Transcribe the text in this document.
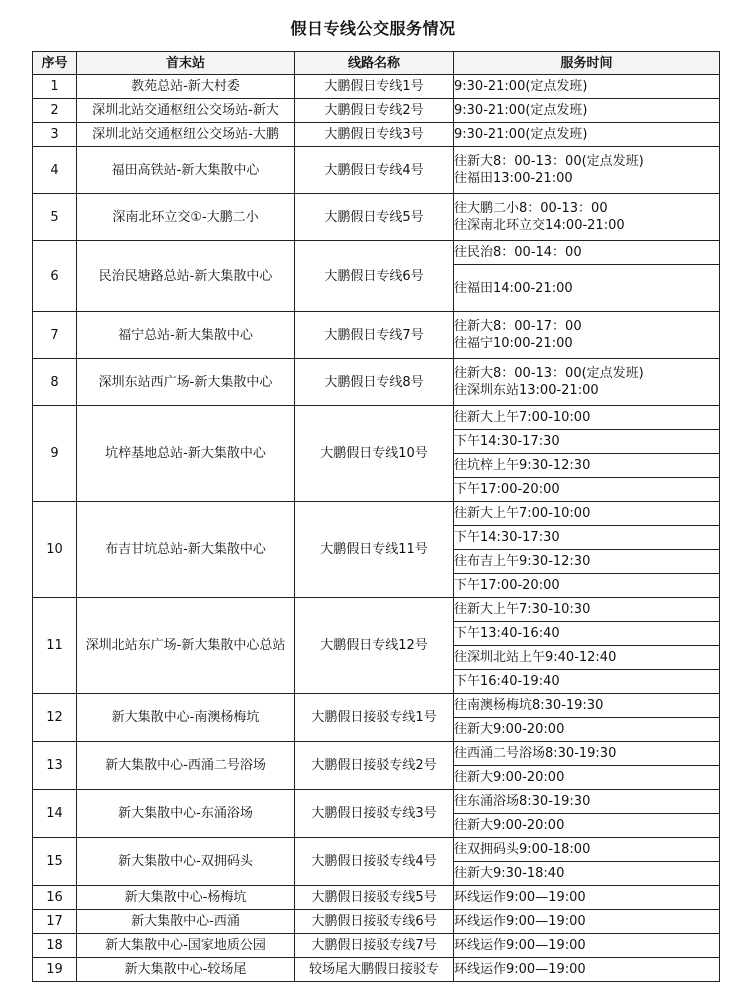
假日专线公交服务情况
序号	首末站	线路名称	服务时间
1	教苑总站-新大村委	大鹏假日专线1号	9:30-21:00(定点发班)
2	深圳北站交通枢纽公交场站-新大	大鹏假日专线2号	9:30-21:00(定点发班)
3	深圳北站交通枢纽公交场站-大鹏	大鹏假日专线3号	9:30-21:00(定点发班)
4	福田高铁站-新大集散中心	大鹏假日专线4号	往新大8：00-13：00(定点发班)
往福田13:00-21:00
5	深南北环立交①-大鹏二小	大鹏假日专线5号	往大鹏二小8：00-13：00
往深南北环立交14:00-21:00
6	民治民塘路总站-新大集散中心	大鹏假日专线6号	往民治8：00-14：00
			往福田14:00-21:00
7	福宁总站-新大集散中心	大鹏假日专线7号	往新大8：00-17：00
往福宁10:00-21:00
8	深圳东站西广场-新大集散中心	大鹏假日专线8号	往新大8：00-13：00(定点发班)
往深圳东站13:00-21:00
9	坑梓基地总站-新大集散中心	大鹏假日专线10号	往新大上午7:00-10:00
			下午14:30-17:30
			往坑梓上午9:30-12:30
			下午17:00-20:00
10	布吉甘坑总站-新大集散中心	大鹏假日专线11号	往新大上午7:00-10:00
			下午14:30-17:30
			往布吉上午9:30-12:30
			下午17:00-20:00
11	深圳北站东广场-新大集散中心总站	大鹏假日专线12号	往新大上午7:30-10:30
			下午13:40-16:40
			往深圳北站上午9:40-12:40
			下午16:40-19:40
12	新大集散中心-南澳杨梅坑	大鹏假日接驳专线1号	往南澳杨梅坑8:30-19:30
			往新大9:00-20:00
13	新大集散中心-西涌二号浴场	大鹏假日接驳专线2号	往西涌二号浴场8:30-19:30
			往新大9:00-20:00
14	新大集散中心-东涌浴场	大鹏假日接驳专线3号	往东涌浴场8:30-19:30
			往新大9:00-20:00
15	新大集散中心-双拥码头	大鹏假日接驳专线4号	往双拥码头9:00-18:00
			往新大9:30-18:40
16	新大集散中心-杨梅坑	大鹏假日接驳专线5号	环线运作9:00—19:00
17	新大集散中心-西涌	大鹏假日接驳专线6号	环线运作9:00—19:00
18	新大集散中心-国家地质公园	大鹏假日接驳专线7号	环线运作9:00—19:00
19	新大集散中心-较场尾	较场尾大鹏假日接驳专	环线运作9:00—19:00
